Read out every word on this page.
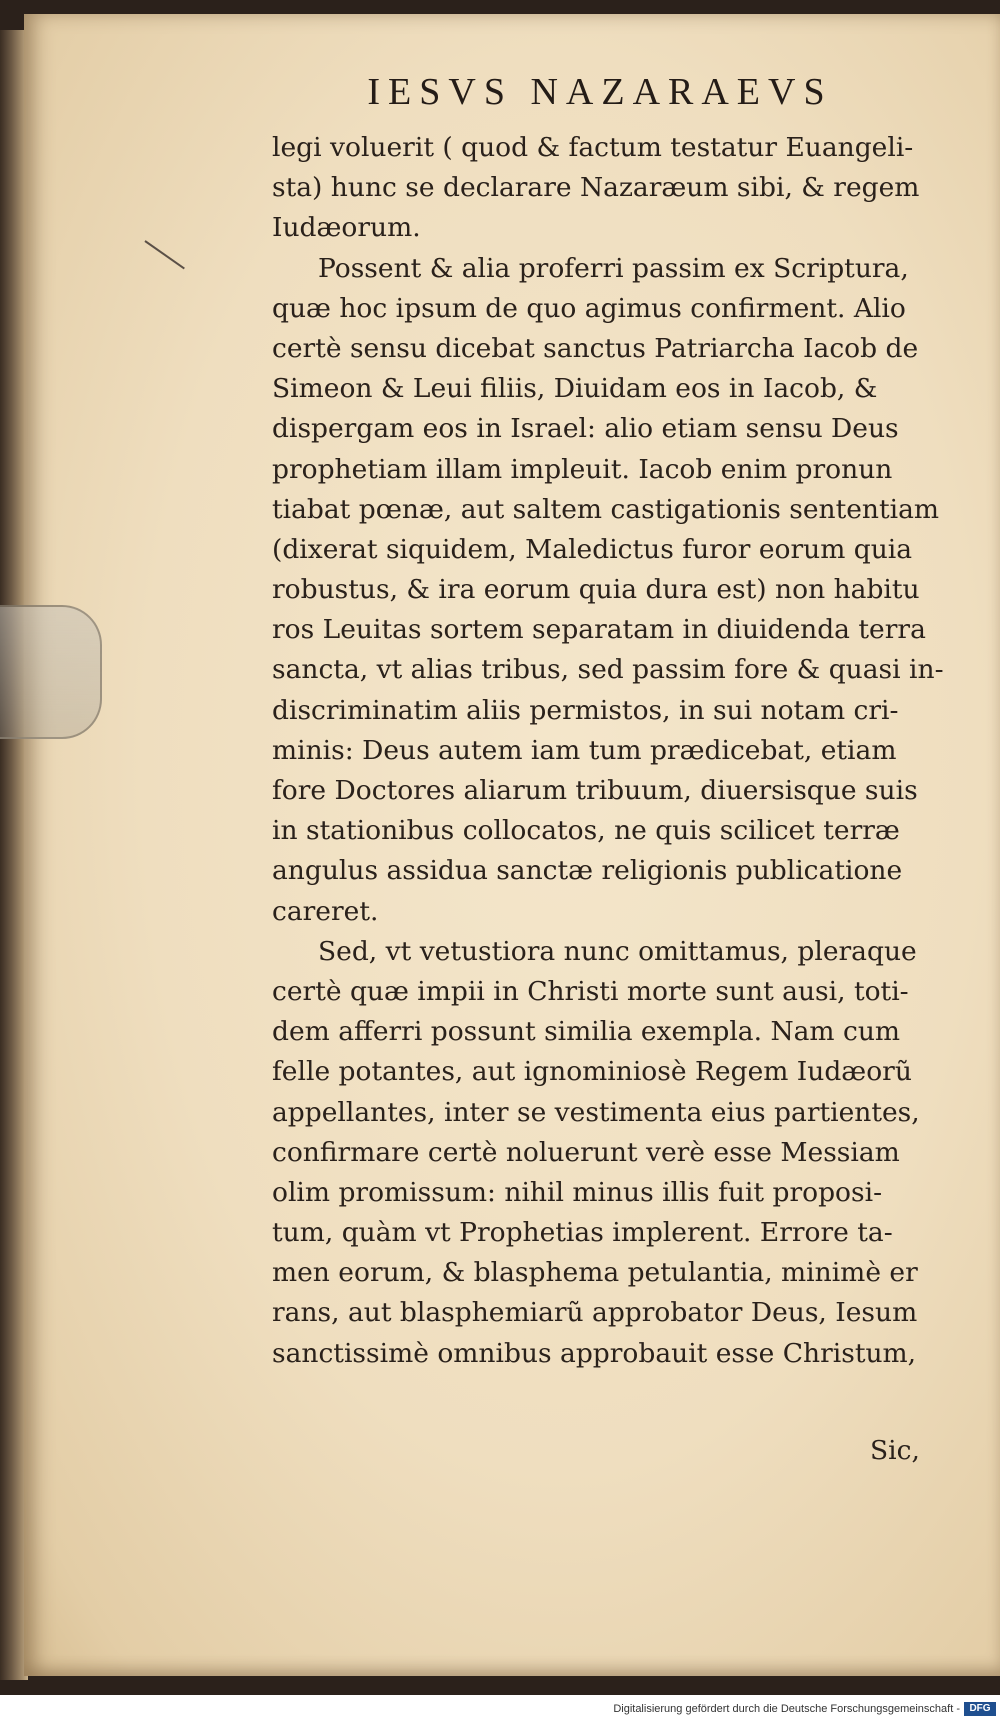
IESVS NAZARAEVS
legi voluerit ( quod & factum testatur Euangeli-
sta) hunc se declarare Nazaræum sibi, & regem
Iudæorum.
Possent & alia proferri passim ex Scriptura,
quæ hoc ipsum de quo agimus confirment. Alio
certè sensu dicebat sanctus Patriarcha Iacob de
Simeon & Leui filiis, Diuidam eos in Iacob, &
dispergam eos in Israel: alio etiam sensu Deus
prophetiam illam impleuit. Iacob enim pronun
tiabat pœnæ, aut saltem castigationis sententiam
(dixerat siquidem, Maledictus furor eorum quia
robustus, & ira eorum quia dura est) non habitu
ros Leuitas sortem separatam in diuidenda terra
sancta, vt alias tribus, sed passim fore & quasi in-
discriminatim aliis permistos, in sui notam cri-
minis: Deus autem iam tum prædicebat, etiam
fore Doctores aliarum tribuum, diuersisque suis
in stationibus collocatos, ne quis scilicet terræ
angulus assidua sanctæ religionis publicatione
careret.
Sed, vt vetustiora nunc omittamus, pleraque
certè quæ impii in Christi morte sunt ausi, toti-
dem afferri possunt similia exempla. Nam cum
felle potantes, aut ignominiosè Regem Iudæorũ
appellantes, inter se vestimenta eius partientes,
confirmare certè noluerunt verè esse Messiam
olim promissum: nihil minus illis fuit proposi-
tum, quàm vt Prophetias implerent. Errore ta-
men eorum, & blasphema petulantia, minimè er
rans, aut blasphemiarũ approbator Deus, Iesum
sanctissimè omnibus approbauit esse Christum,
Sic,
Digitalisierung gefördert durch die Deutsche Forschungsgemeinschaft - DFG
